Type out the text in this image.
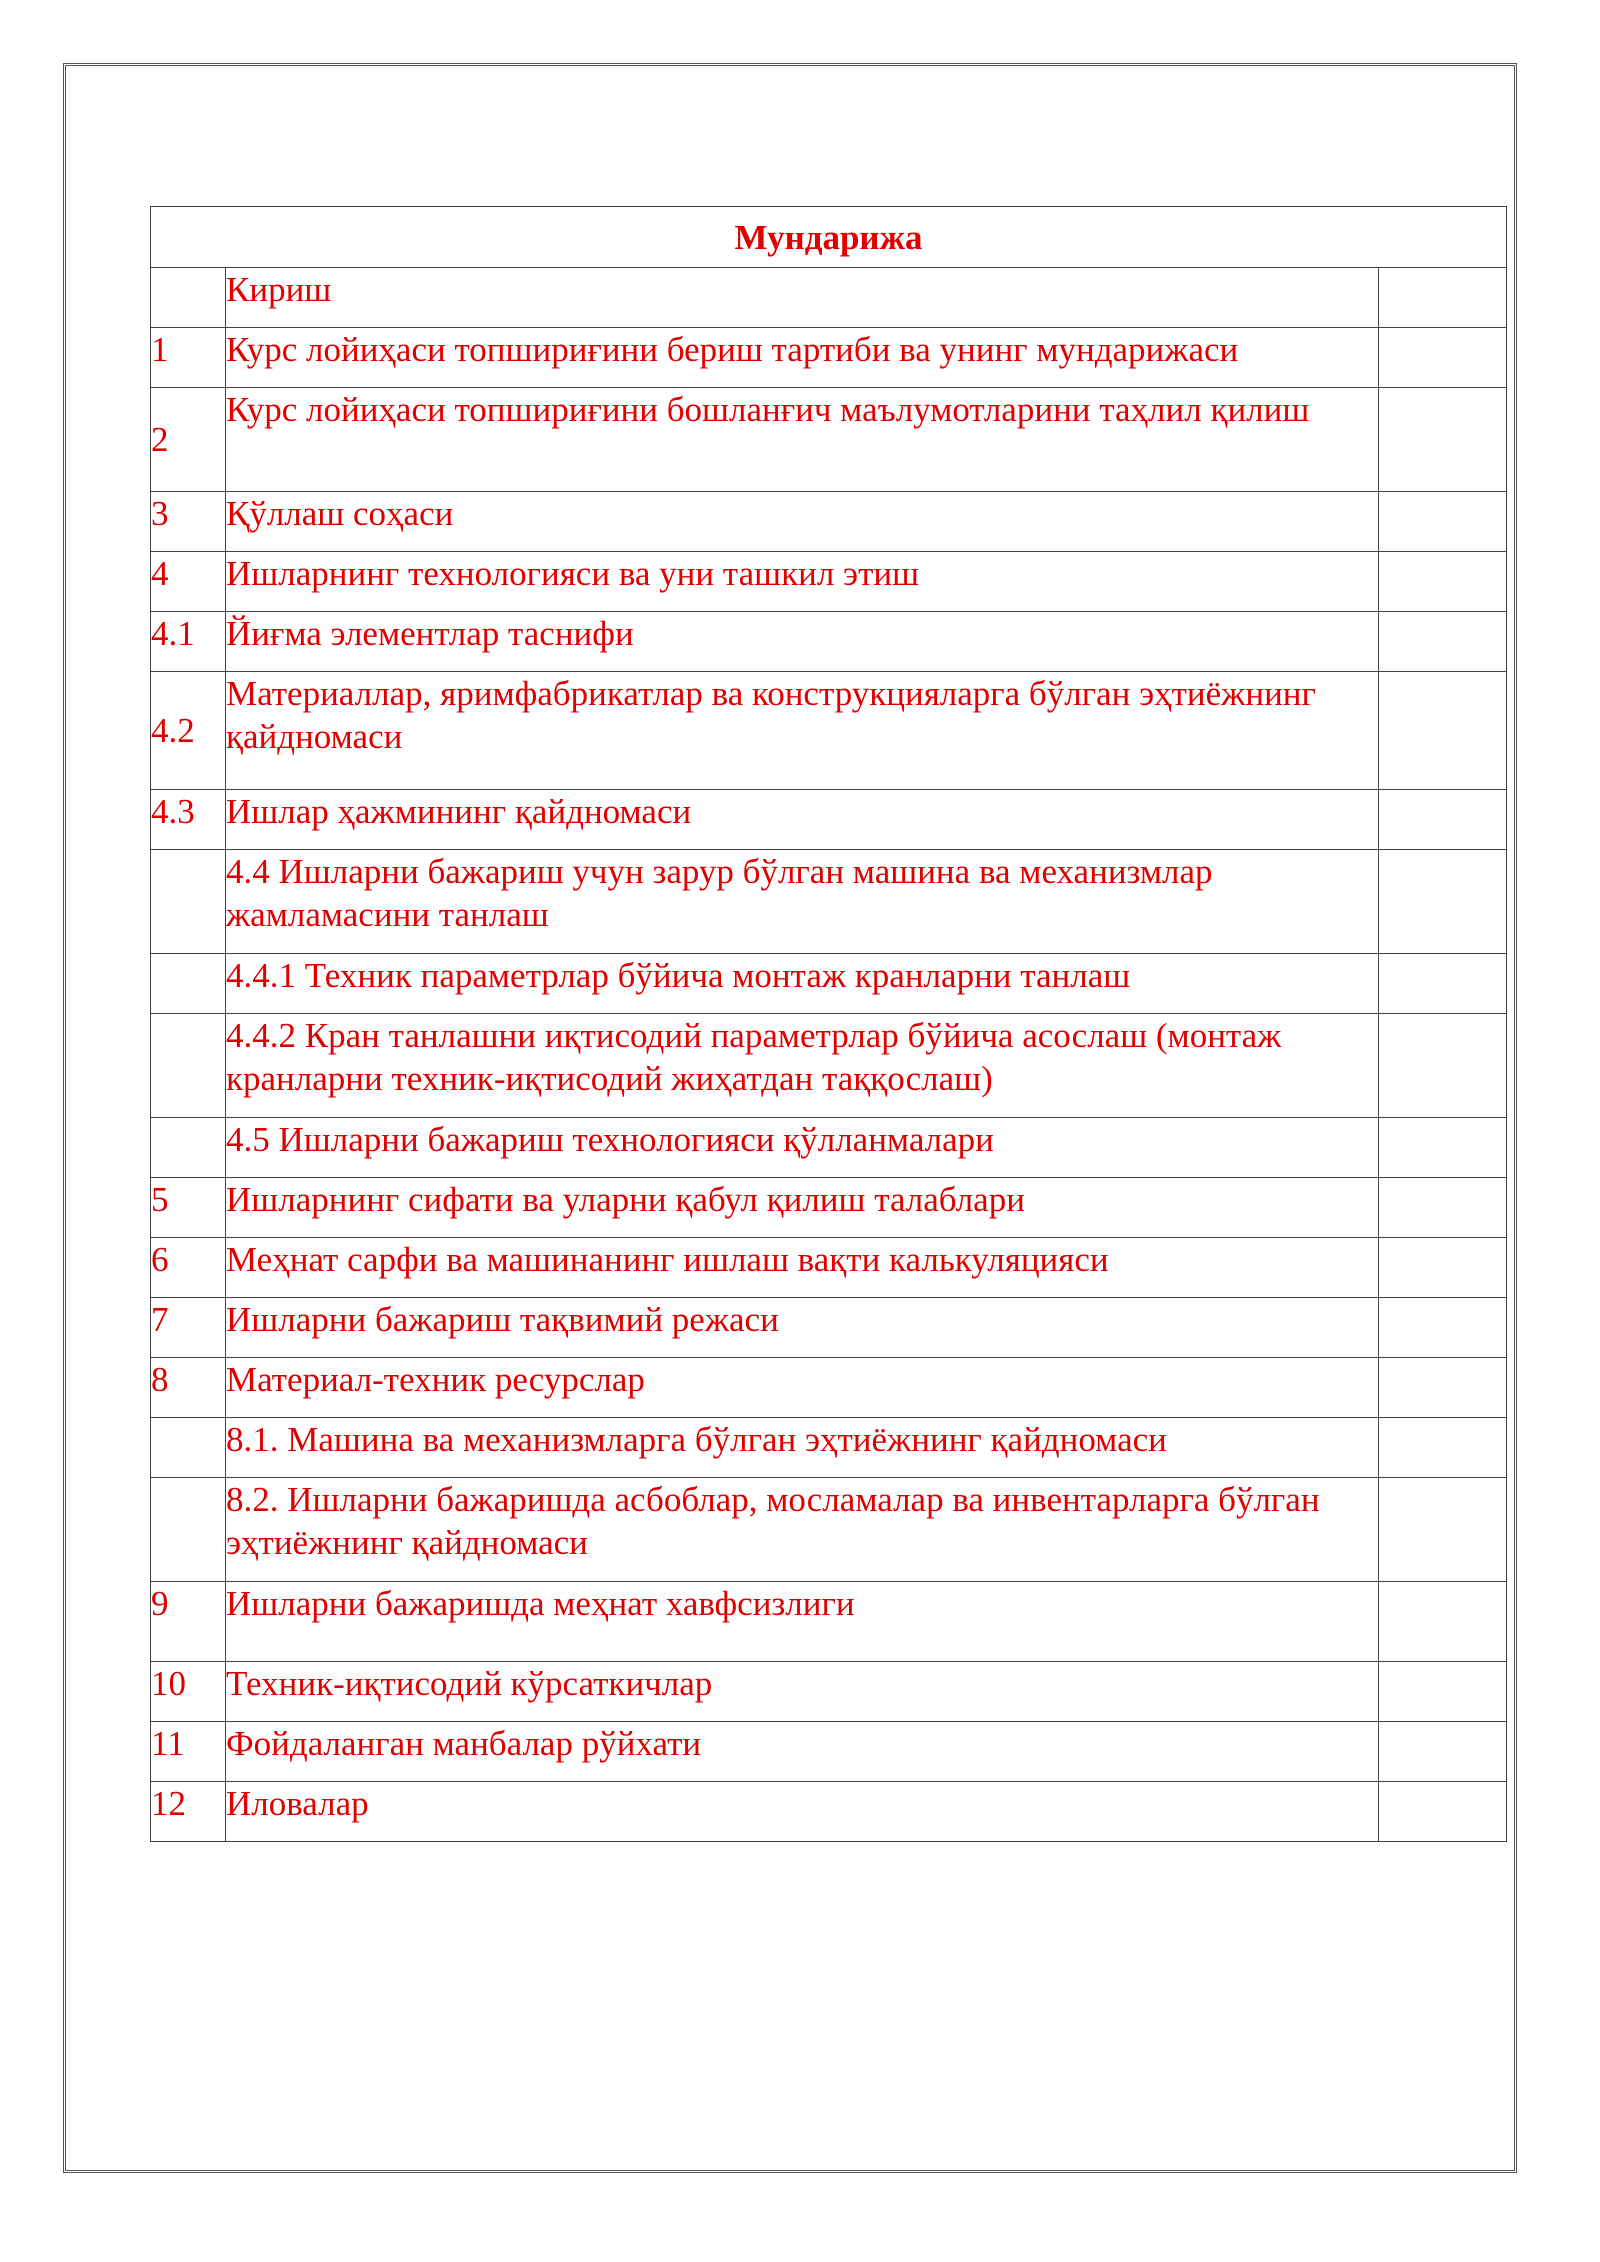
Мундарижа		
	Кириш	
1	Курс лойиҳаси топшириғини бериш тартиби ва унинг мундарижаси	
2	Курс лойиҳаси топшириғини бошланғич маълумотларини таҳлил қилиш	
3	Қўллаш соҳаси	
4	Ишларнинг технологияси ва уни ташкил этиш	
4.1	Йиғма элементлар таснифи	
4.2	Материаллар, яримфабрикатлар ва конструкцияларга бўлган эҳтиёжнинг қайдномаси	
4.3	Ишлар ҳажмининг қайдномаси	
	4.4 Ишларни бажариш учун зарур бўлган машина ва механизмлар жамламасини танлаш	
	4.4.1 Техник параметрлар бўйича монтаж кранларни танлаш	
	4.4.2 Кран танлашни иқтисодий параметрлар бўйича асослаш (монтаж кранларни техник-иқтисодий жиҳатдан таққослаш)	
	4.5 Ишларни бажариш технологияси қўлланмалари	
5	Ишларнинг сифати ва уларни қабул қилиш талаблари	
6	Меҳнат сарфи ва машинанинг ишлаш вақти калькуляцияси	
7	Ишларни бажариш тақвимий режаси	
8	Материал-техник ресурслар	
	8.1. Машина ва механизмларга бўлган эҳтиёжнинг қайдномаси	
	8.2. Ишларни бажаришда асбоблар, мосламалар ва инвентарларга бўлган эҳтиёжнинг қайдномаси	
9	Ишларни бажаришда меҳнат хавфсизлиги	
10	Техник-иқтисодий кўрсаткичлар	
11	Фойдаланган манбалар рўйхати	
12	Иловалар	
